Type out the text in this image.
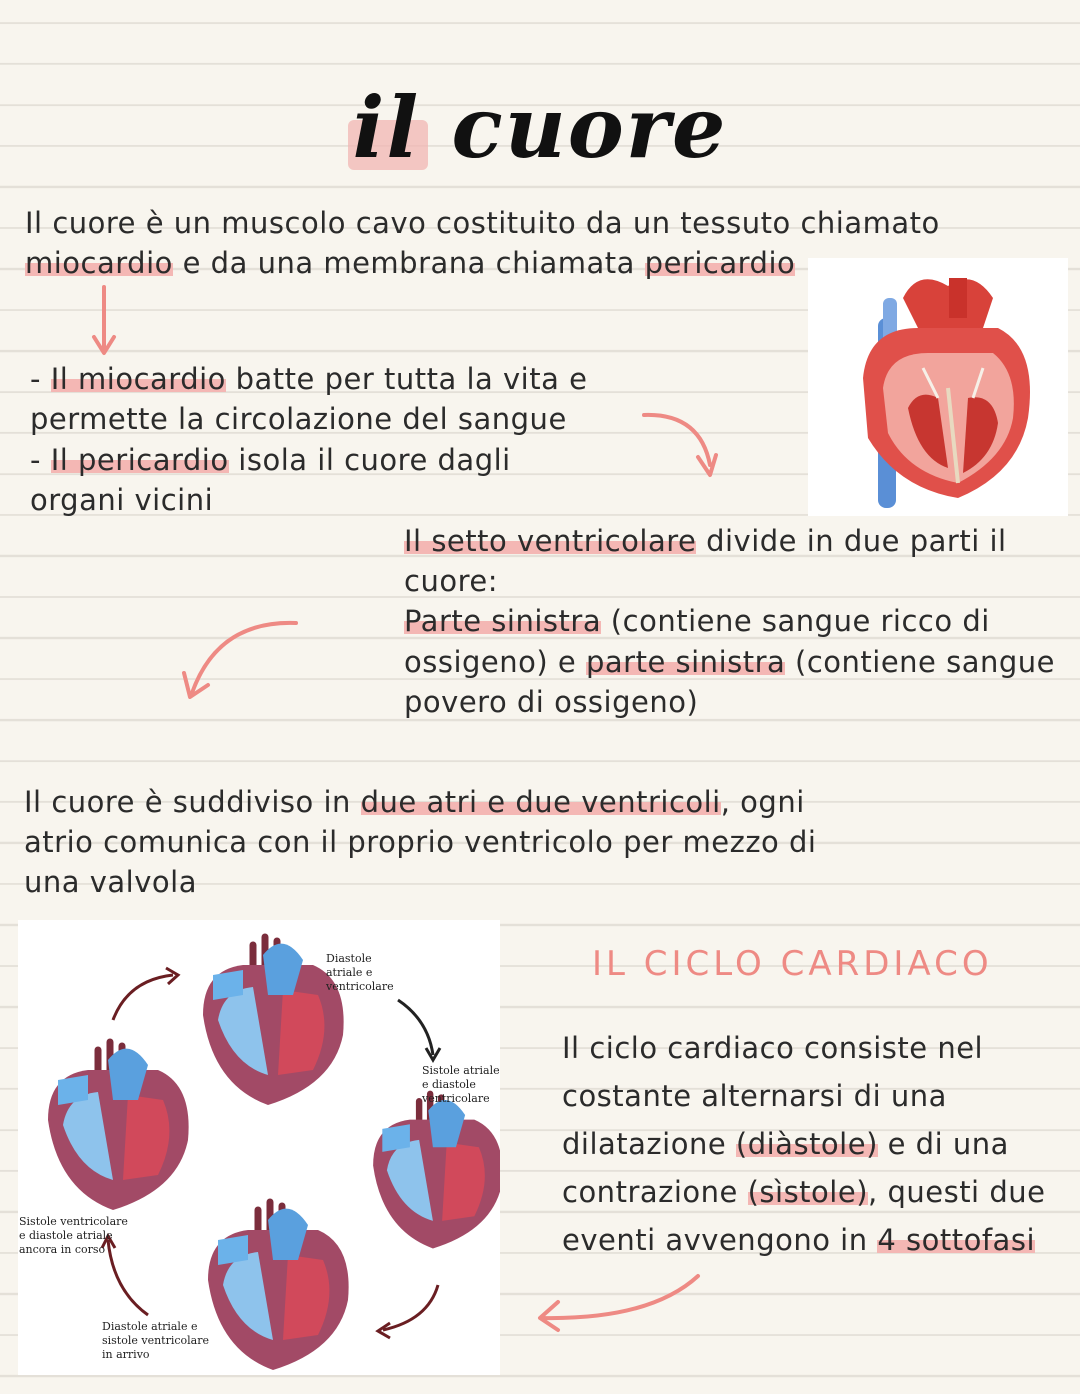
il cuore
Il cuore è un muscolo cavo costituito da un tessuto chiamato
miocardio e da una membrana chiamata pericardio
- Il miocardio batte per tutta la vita e
permette la circolazione del sangue
- Il pericardio isola il cuore dagli
organi vicini
Il setto ventricolare divide in due parti il
cuore:
Parte sinistra (contiene sangue ricco di
ossigeno) e parte sinistra (contiene sangue
povero di ossigeno)
Il cuore è suddiviso in due atri e due ventricoli, ogni
atrio comunica con il proprio ventricolo per mezzo di
una valvola
Diastole
atriale e
ventricolare
Sistole atriale
e diastole
ventricolare
Sistole ventricolare
e diastole atriale
ancora in corso
Diastole atriale e
sistole ventricolare
in arrivo
IL CICLO CARDIACO
Il ciclo cardiaco consiste nel
costante alternarsi di una
dilatazione (diàstole) e di una
contrazione (sìstole), questi due
eventi avvengono in 4 sottofasi
